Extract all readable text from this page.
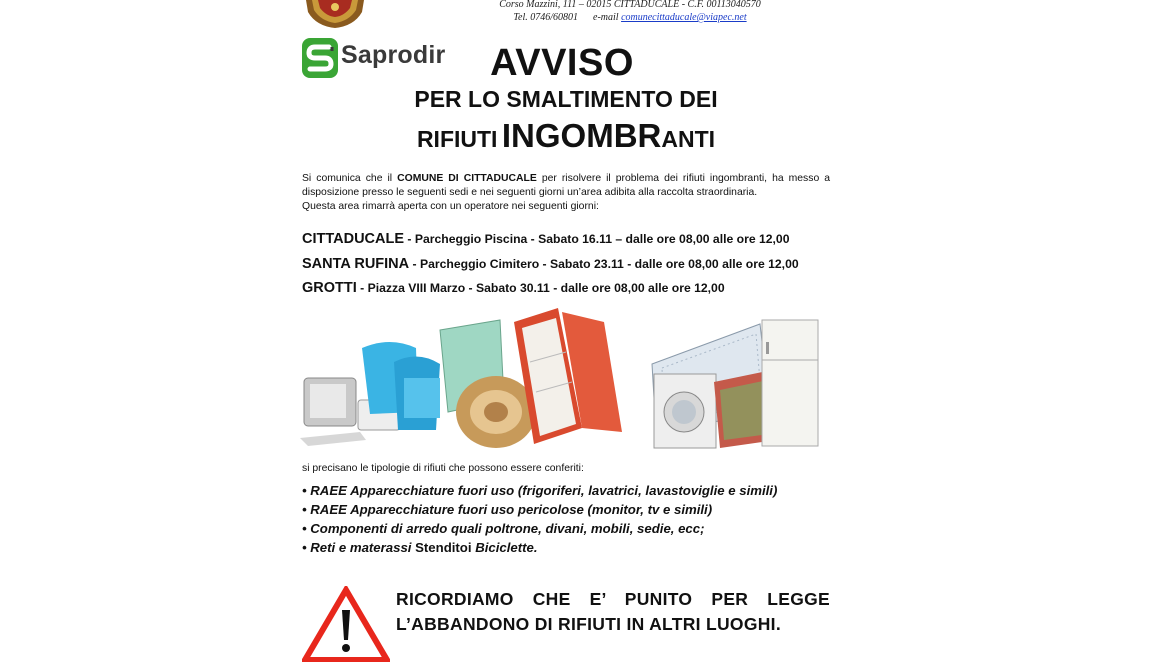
Corso Mazzini, 111 – 02015 CITTADUCALE - C.F. 00113040570
Tel. 0746/60801 e-mail comunecittaducale@viapec.net
Saprodir	AVVISO
PER LO SMALTIMENTO DEI
RIFIUTI INGOMBRANTI
Si comunica che il COMUNE DI CITTADUCALE per risolvere il problema dei rifiuti ingombranti, ha messo a disposizione presso le seguenti sedi e nei seguenti giorni un’area adibita alla raccolta straordinaria.
Questa area rimarrà aperta con un operatore nei seguenti giorni:
CITTADUCALE - Parcheggio Piscina - Sabato 16.11 – dalle ore 08,00 alle ore 12,00
SANTA RUFINA - Parcheggio Cimitero - Sabato 23.11 - dalle ore 08,00 alle ore 12,00
GROTTI - Piazza VIII Marzo - Sabato 30.11 - dalle ore 08,00 alle ore 12,00
si precisano le tipologie di rifiuti che possono essere conferiti:
• RAEE Apparecchiature fuori uso (frigoriferi, lavatrici, lavastoviglie e simili)
• RAEE Apparecchiature fuori uso pericolose (monitor, tv e simili)
• Componenti di arredo quali poltrone, divani, mobili, sedie, ecc;
• Reti e materassi Stenditoi Biciclette.
RICORDIAMO CHE E’ PUNITO PER LEGGE
L’ABBANDONO DI RIFIUTI IN ALTRI LUOGHI.
